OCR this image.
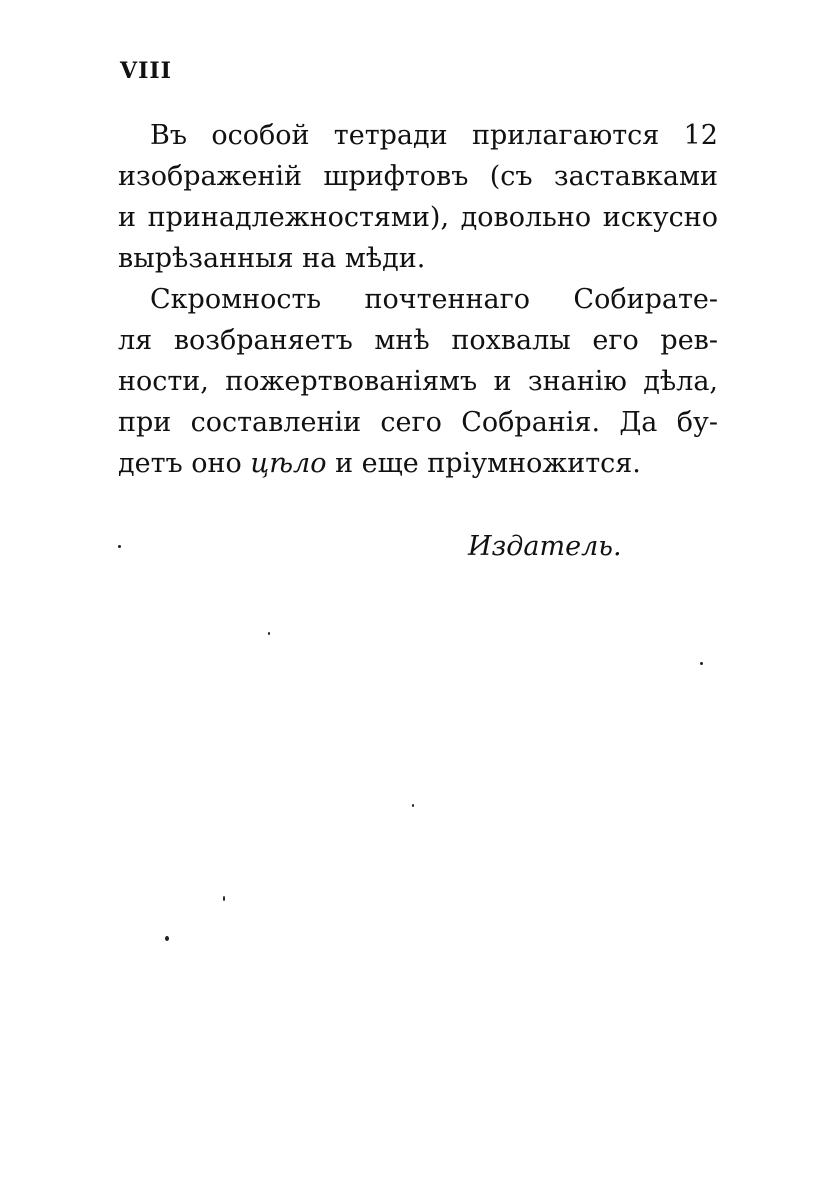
VIII
Въ особой тетради прилагаются 12
изображеній шрифтовъ (съ заставками
и принадлежностями), довольно искусно
вырѣзанныя на мѣди.
Скромность почтеннаго Собирате-
ля возбраняетъ мнѣ похвалы его рев-
ности, пожертвованіямъ и знанію дѣла,
при составленіи сего Собранія. Да бу-
детъ оно цѣло и еще пріумножится.
Издатель.
